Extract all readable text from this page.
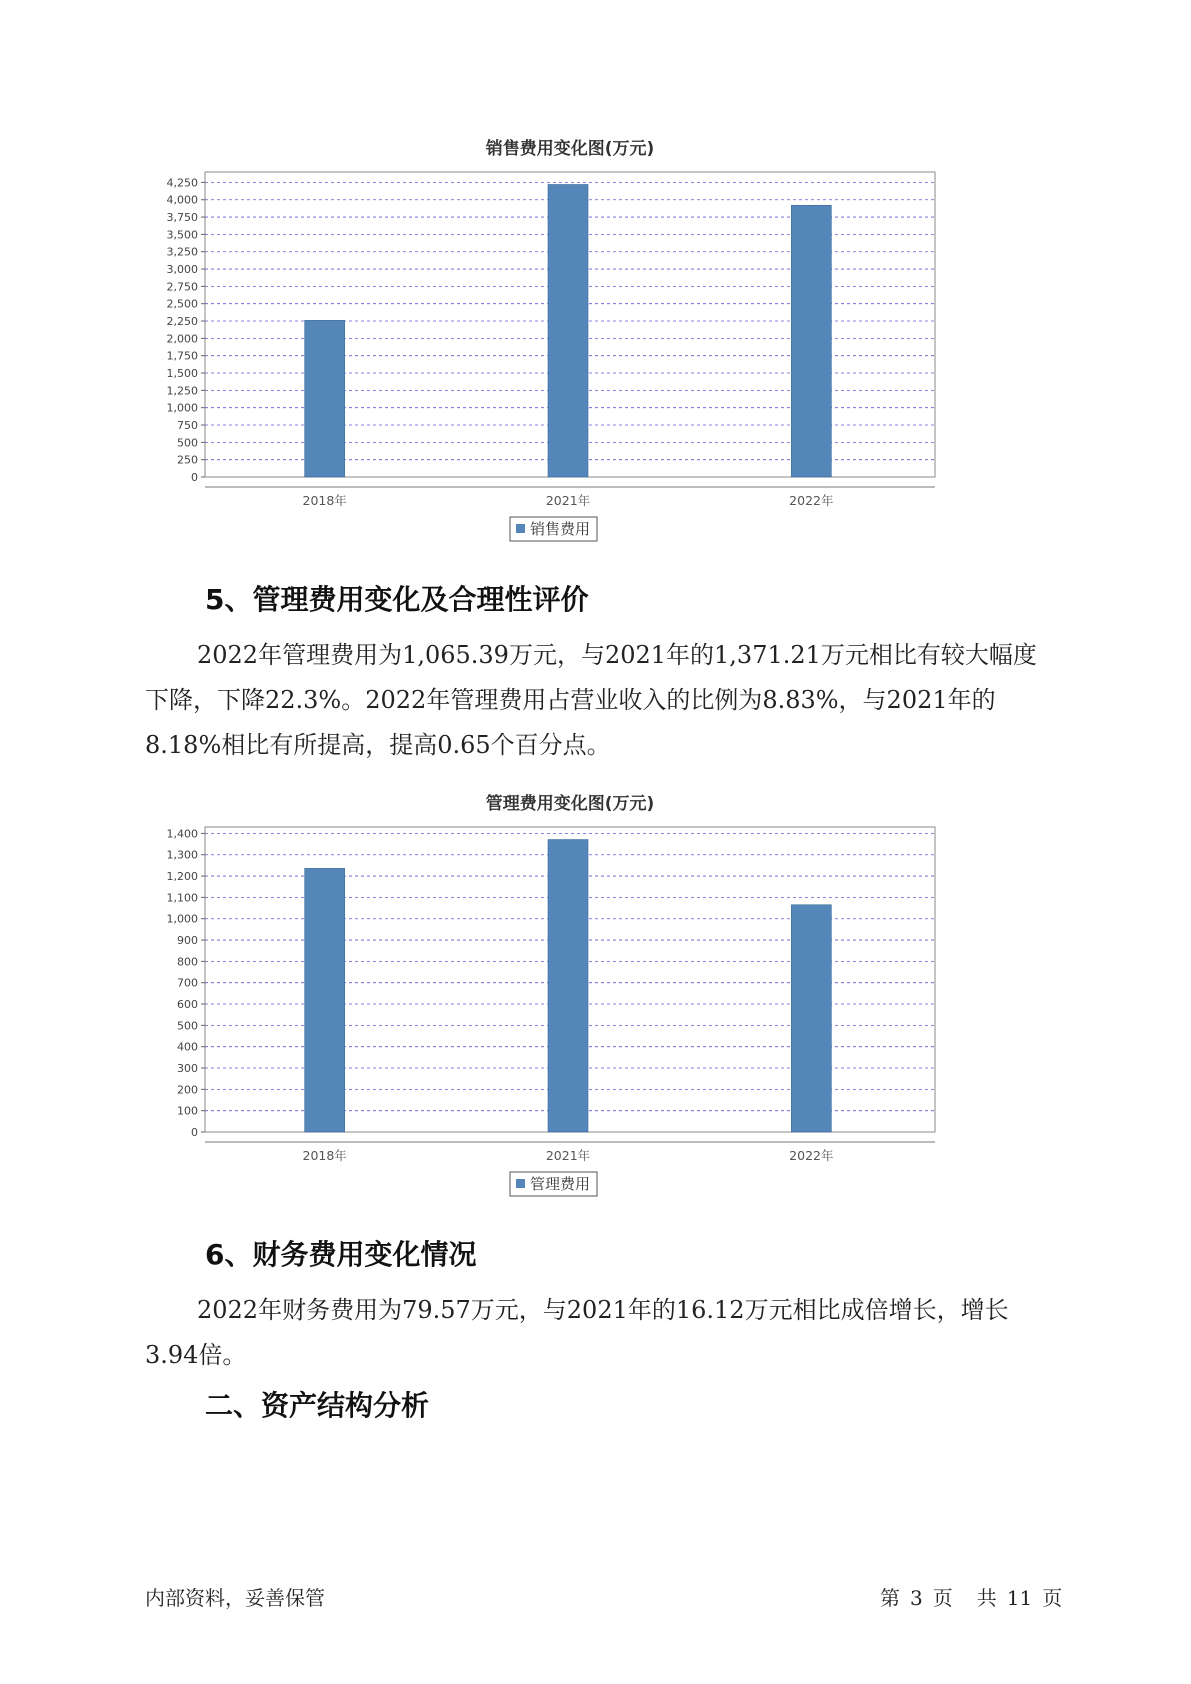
销售费用变化图(万元)
0
250
500
750
1,000
1,250
1,500
1,750
2,000
2,250
2,500
2,750
3,000
3,250
3,500
3,750
4,000
4,250
2018年	2021年	2022年
销售费用
5、管理费用变化及合理性评价

2022年管理费用为1,065.39万元，与2021年的1,371.21万元相比有较大幅度下降，下降22.3%。2022年管理费用占营业收入的比例为8.83%，与2021年的8.18%相比有所提高，提高0.65个百分点。

管理费用变化图(万元)
0
100
200
300
400
500
600
700
800
900
1,000
1,100
1,200
1,300
1,400
2018年	2021年	2022年
管理费用
6、财务费用变化情况

2022年财务费用为79.57万元，与2021年的16.12万元相比成倍增长，增长3.94倍。

二、资产结构分析
内部资料，妥善保管	第 3 页 共 11 页
